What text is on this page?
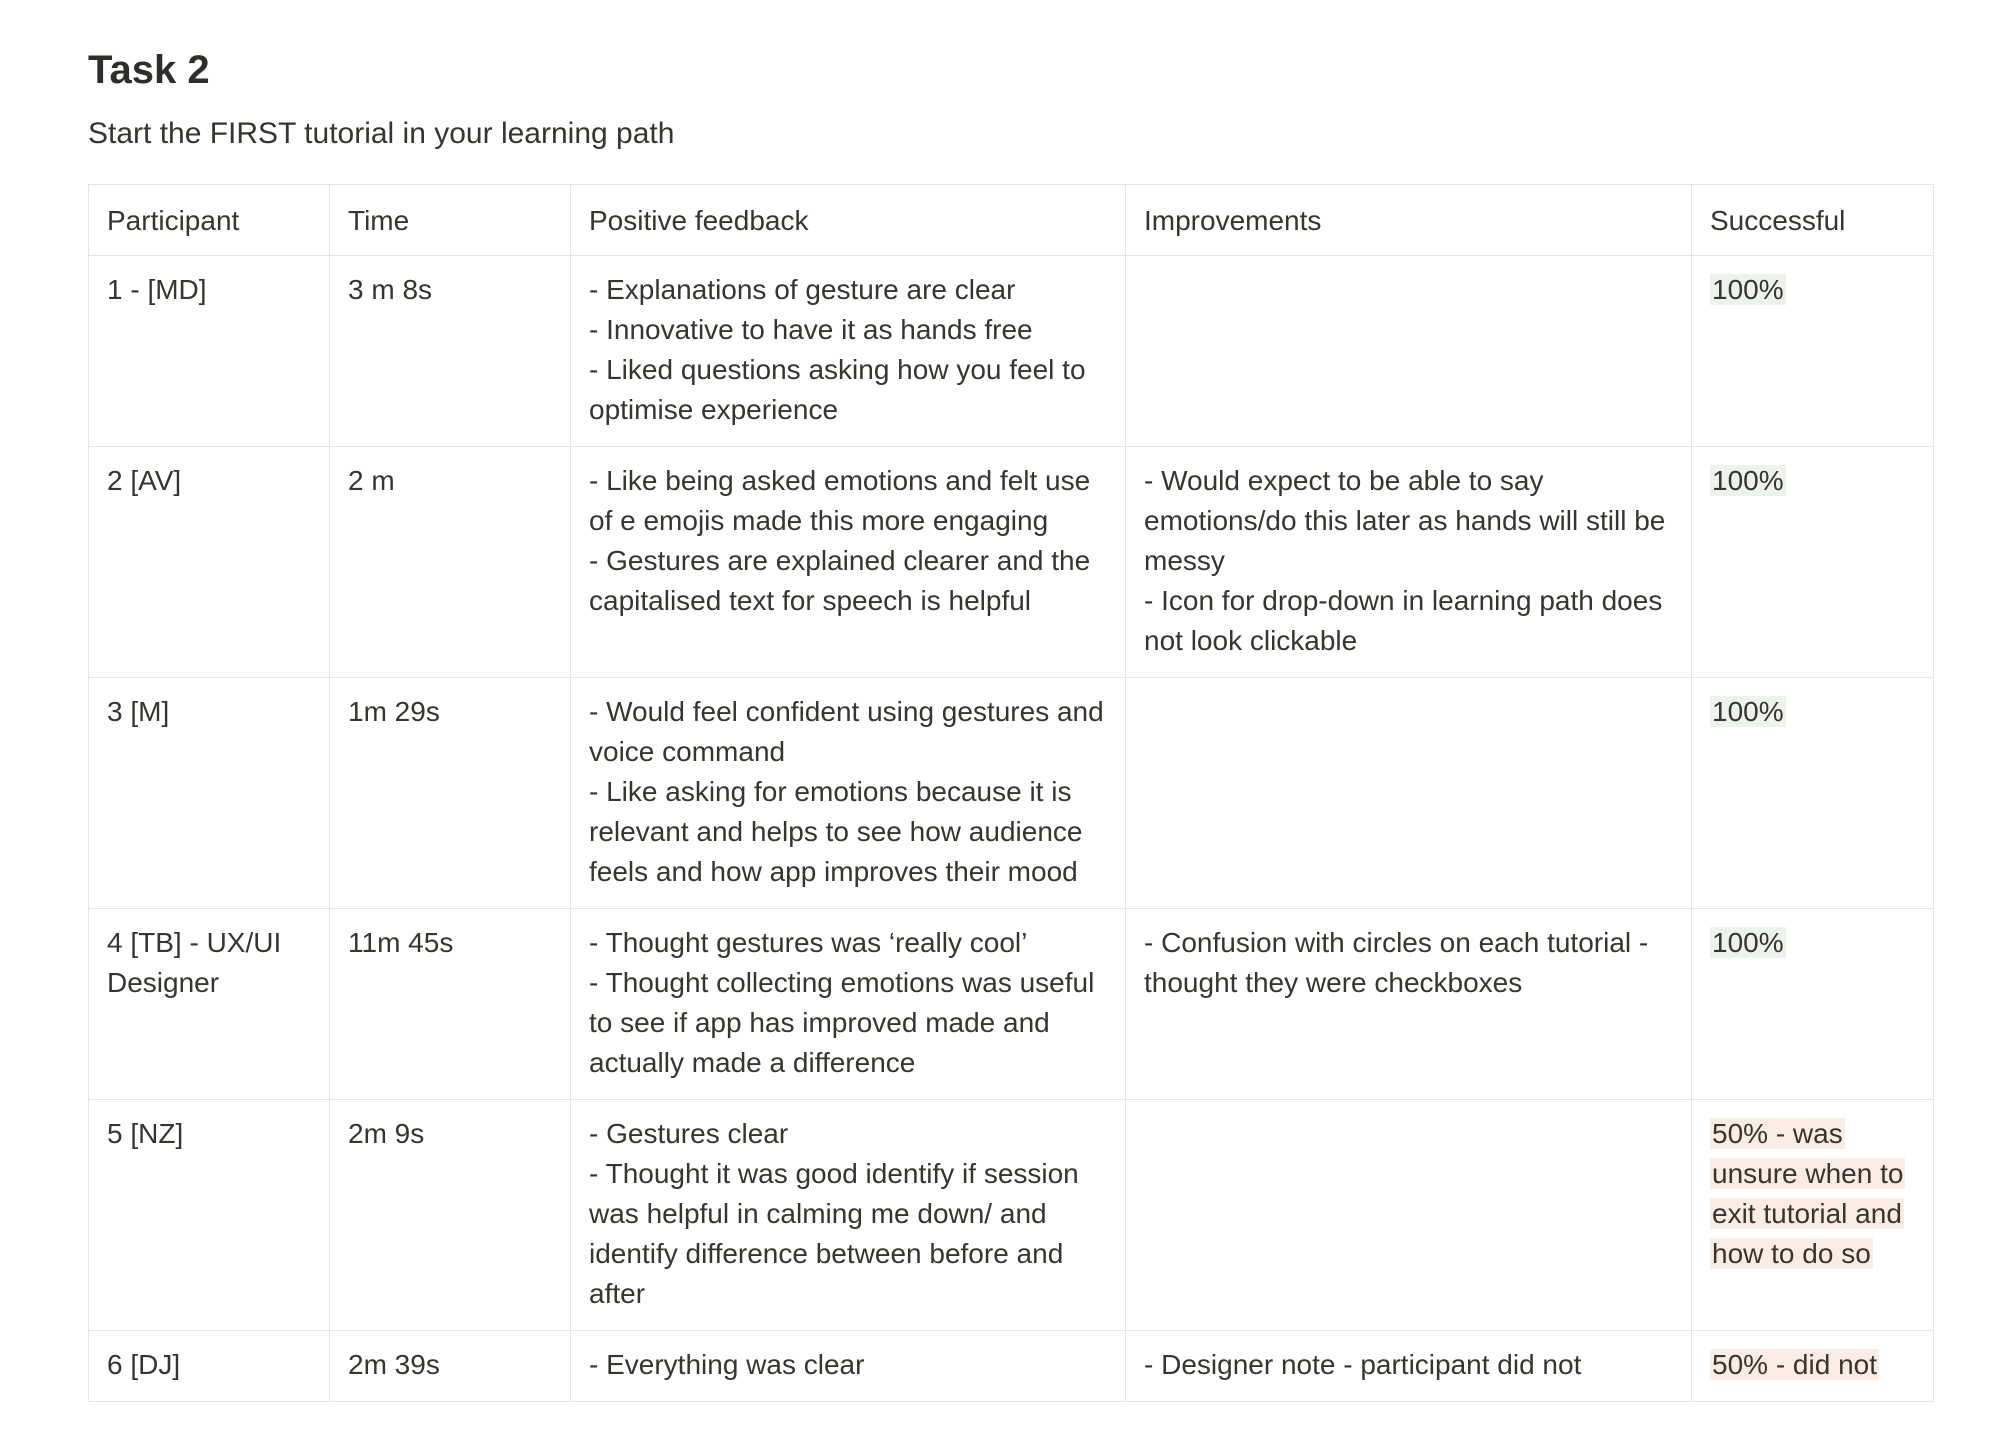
Task 2
Start the FIRST tutorial in your learning path
Participant	Time	Positive feedback	Improvements	Successful
1 - [MD]	3 m 8s	- Explanations of gesture are clear
- Innovative to have it as hands free
- Liked questions asking how you feel to optimise experience		100%
2 [AV]	2 m	- Like being asked emotions and felt use of e emojis made this more engaging
- Gestures are explained clearer and the capitalised text for speech is helpful	- Would expect to be able to say emotions/do this later as hands will still be messy
- Icon for drop-down in learning path does not look clickable	100%
3 [M]	1m 29s	- Would feel confident using gestures and voice command
- Like asking for emotions because it is relevant and helps to see how audience feels and how app improves their mood		100%
4 [TB] - UX/UI Designer	11m 45s	- Thought gestures was ‘really cool’
- Thought collecting emotions was useful to see if app has improved made and actually made a difference	- Confusion with circles on each tutorial - thought they were checkboxes	100%
5 [NZ]	2m 9s	- Gestures clear
- Thought it was good identify if session was helpful in calming me down/ and identify difference between before and after		50% - was unsure when to exit tutorial and how to do so
6 [DJ]	2m 39s	- Everything was clear	- Designer note - participant did not	50% - did not
